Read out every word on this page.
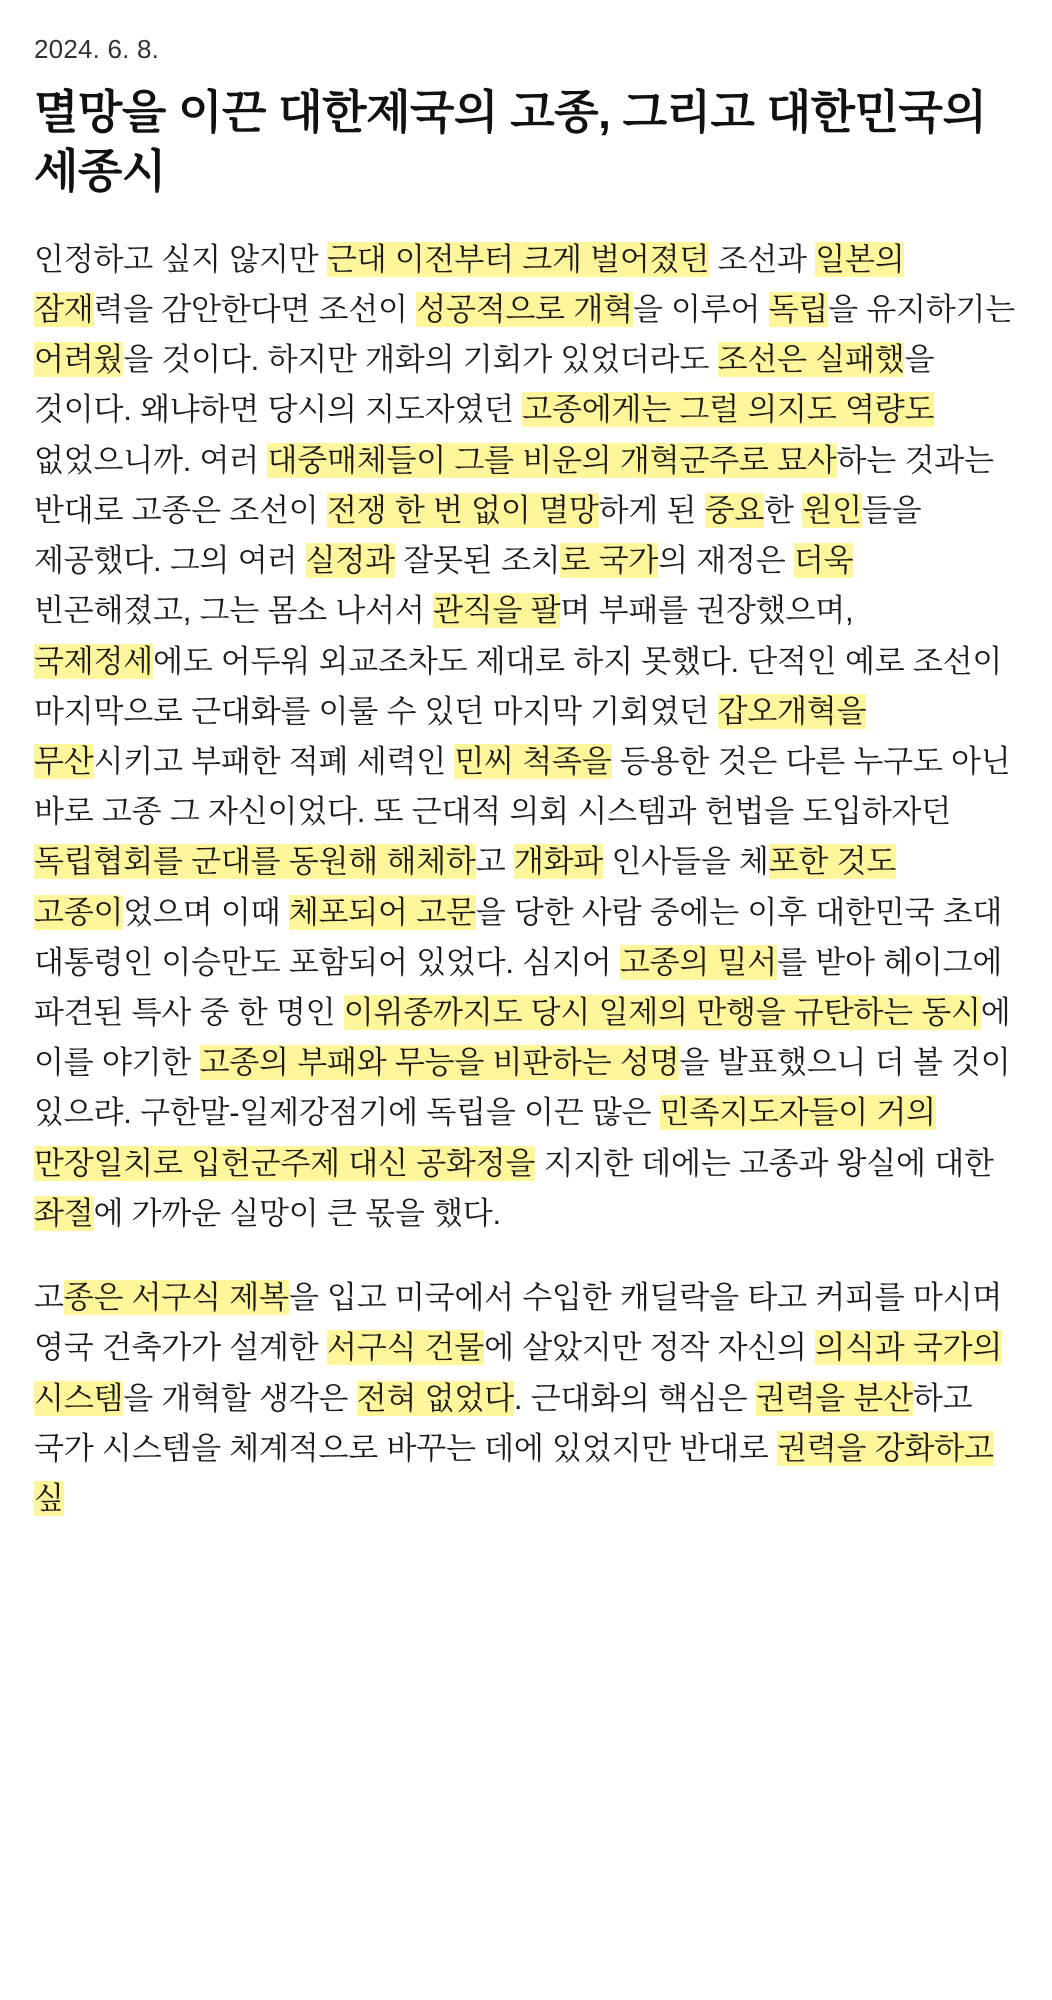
2024. 6. 8.
멸망을 이끈 대한제국의 고종, 그리고 대한민국의 세종시

인정하고 싶지 않지만 근대 이전부터 크게 벌어졌던 조선과 일본의 잠재력을 감안한다면 조선이 성공적으로 개혁을 이루어 독립을 유지하기는 어려웠을 것이다. 하지만 개화의 기회가 있었더라도 조선은 실패했을 것이다. 왜냐하면 당시의 지도자였던 고종에게는 그럴 의지도 역량도 없었으니까. 여러 대중매체들이 그를 비운의 개혁군주로 묘사하는 것과는 반대로 고종은 조선이 전쟁 한 번 없이 멸망하게 된 중요한 원인들을 제공했다. 그의 여러 실정과 잘못된 조치로 국가의 재정은 더욱 빈곤해졌고, 그는 몸소 나서서 관직을 팔며 부패를 권장했으며, 국제정세에도 어두워 외교조차도 제대로 하지 못했다. 단적인 예로 조선이 마지막으로 근대화를 이룰 수 있던 마지막 기회였던 갑오개혁을 무산시키고 부패한 적폐 세력인 민씨 척족을 등용한 것은 다른 누구도 아닌 바로 고종 그 자신이었다. 또 근대적 의회 시스템과 헌법을 도입하자던 독립협회를 군대를 동원해 해체하고 개화파 인사들을 체포한 것도 고종이었으며 이때 체포되어 고문을 당한 사람 중에는 이후 대한민국 초대 대통령인 이승만도 포함되어 있었다. 심지어 고종의 밀서를 받아 헤이그에 파견된 특사 중 한 명인 이위종까지도 당시 일제의 만행을 규탄하는 동시에 이를 야기한 고종의 부패와 무능을 비판하는 성명을 발표했으니 더 볼 것이 있으랴. 구한말-일제강점기에 독립을 이끈 많은 민족지도자들이 거의 만장일치로 입헌군주제 대신 공화정을 지지한 데에는 고종과 왕실에 대한 좌절에 가까운 실망이 큰 몫을 했다.

고종은 서구식 제복을 입고 미국에서 수입한 캐딜락을 타고 커피를 마시며 영국 건축가가 설계한 서구식 건물에 살았지만 정작 자신의 의식과 국가의 시스템을 개혁할 생각은 전혀 없었다. 근대화의 핵심은 권력을 분산하고 국가 시스템을 체계적으로 바꾸는 데에 있었지만 반대로 권력을 강화하고 싶
